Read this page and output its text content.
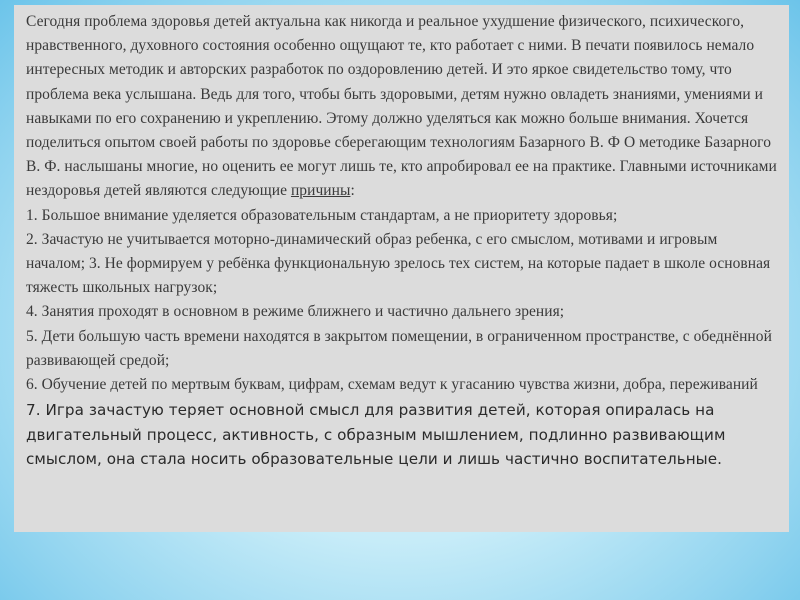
Сегодня проблема здоровья детей актуальна как никогда и реальное ухудшение физического, психического, нравственного, духовного состояния особенно ощущают те, кто работает с ними. В печати появилось немало интересных методик и авторских разработок по оздоровлению детей. И это яркое свидетельство тому, что проблема века услышана. Ведь для того, чтобы быть здоровыми, детям нужно овладеть знаниями, умениями и навыками по его сохранению и укреплению. Этому должно уделяться как можно больше внимания. Хочется поделиться опытом своей работы по здоровье сберегающим технологиям Базарного В. Ф О методике Базарного В. Ф. наслышаны многие, но оценить ее могут лишь те, кто апробировал ее на практике. Главными источниками нездоровья детей являются следующие причины:

1. Большое внимание уделяется образовательным стандартам, а не приоритету здоровья;

2. Зачастую не учитывается моторно-динамический образ ребенка, с его смыслом, мотивами и игровым началом; 3. Не формируем у ребёнка функциональную зрелось тех систем, на которые падает в школе основная тяжесть школьных нагрузок;

4. Занятия проходят в основном в режиме ближнего и частично дальнего зрения;

5. Дети большую часть времени находятся в закрытом помещении, в ограниченном пространстве, с обеднённой развивающей средой;

6. Обучение детей по мертвым буквам, цифрам, схемам ведут к угасанию чувства жизни, добра, переживаний

7. Игра зачастую теряет основной смысл для развития детей, которая опиралась на двигательный процесс, активность, с образным мышлением, подлинно развивающим смыслом, она стала носить образовательные цели и лишь частично воспитательные.
